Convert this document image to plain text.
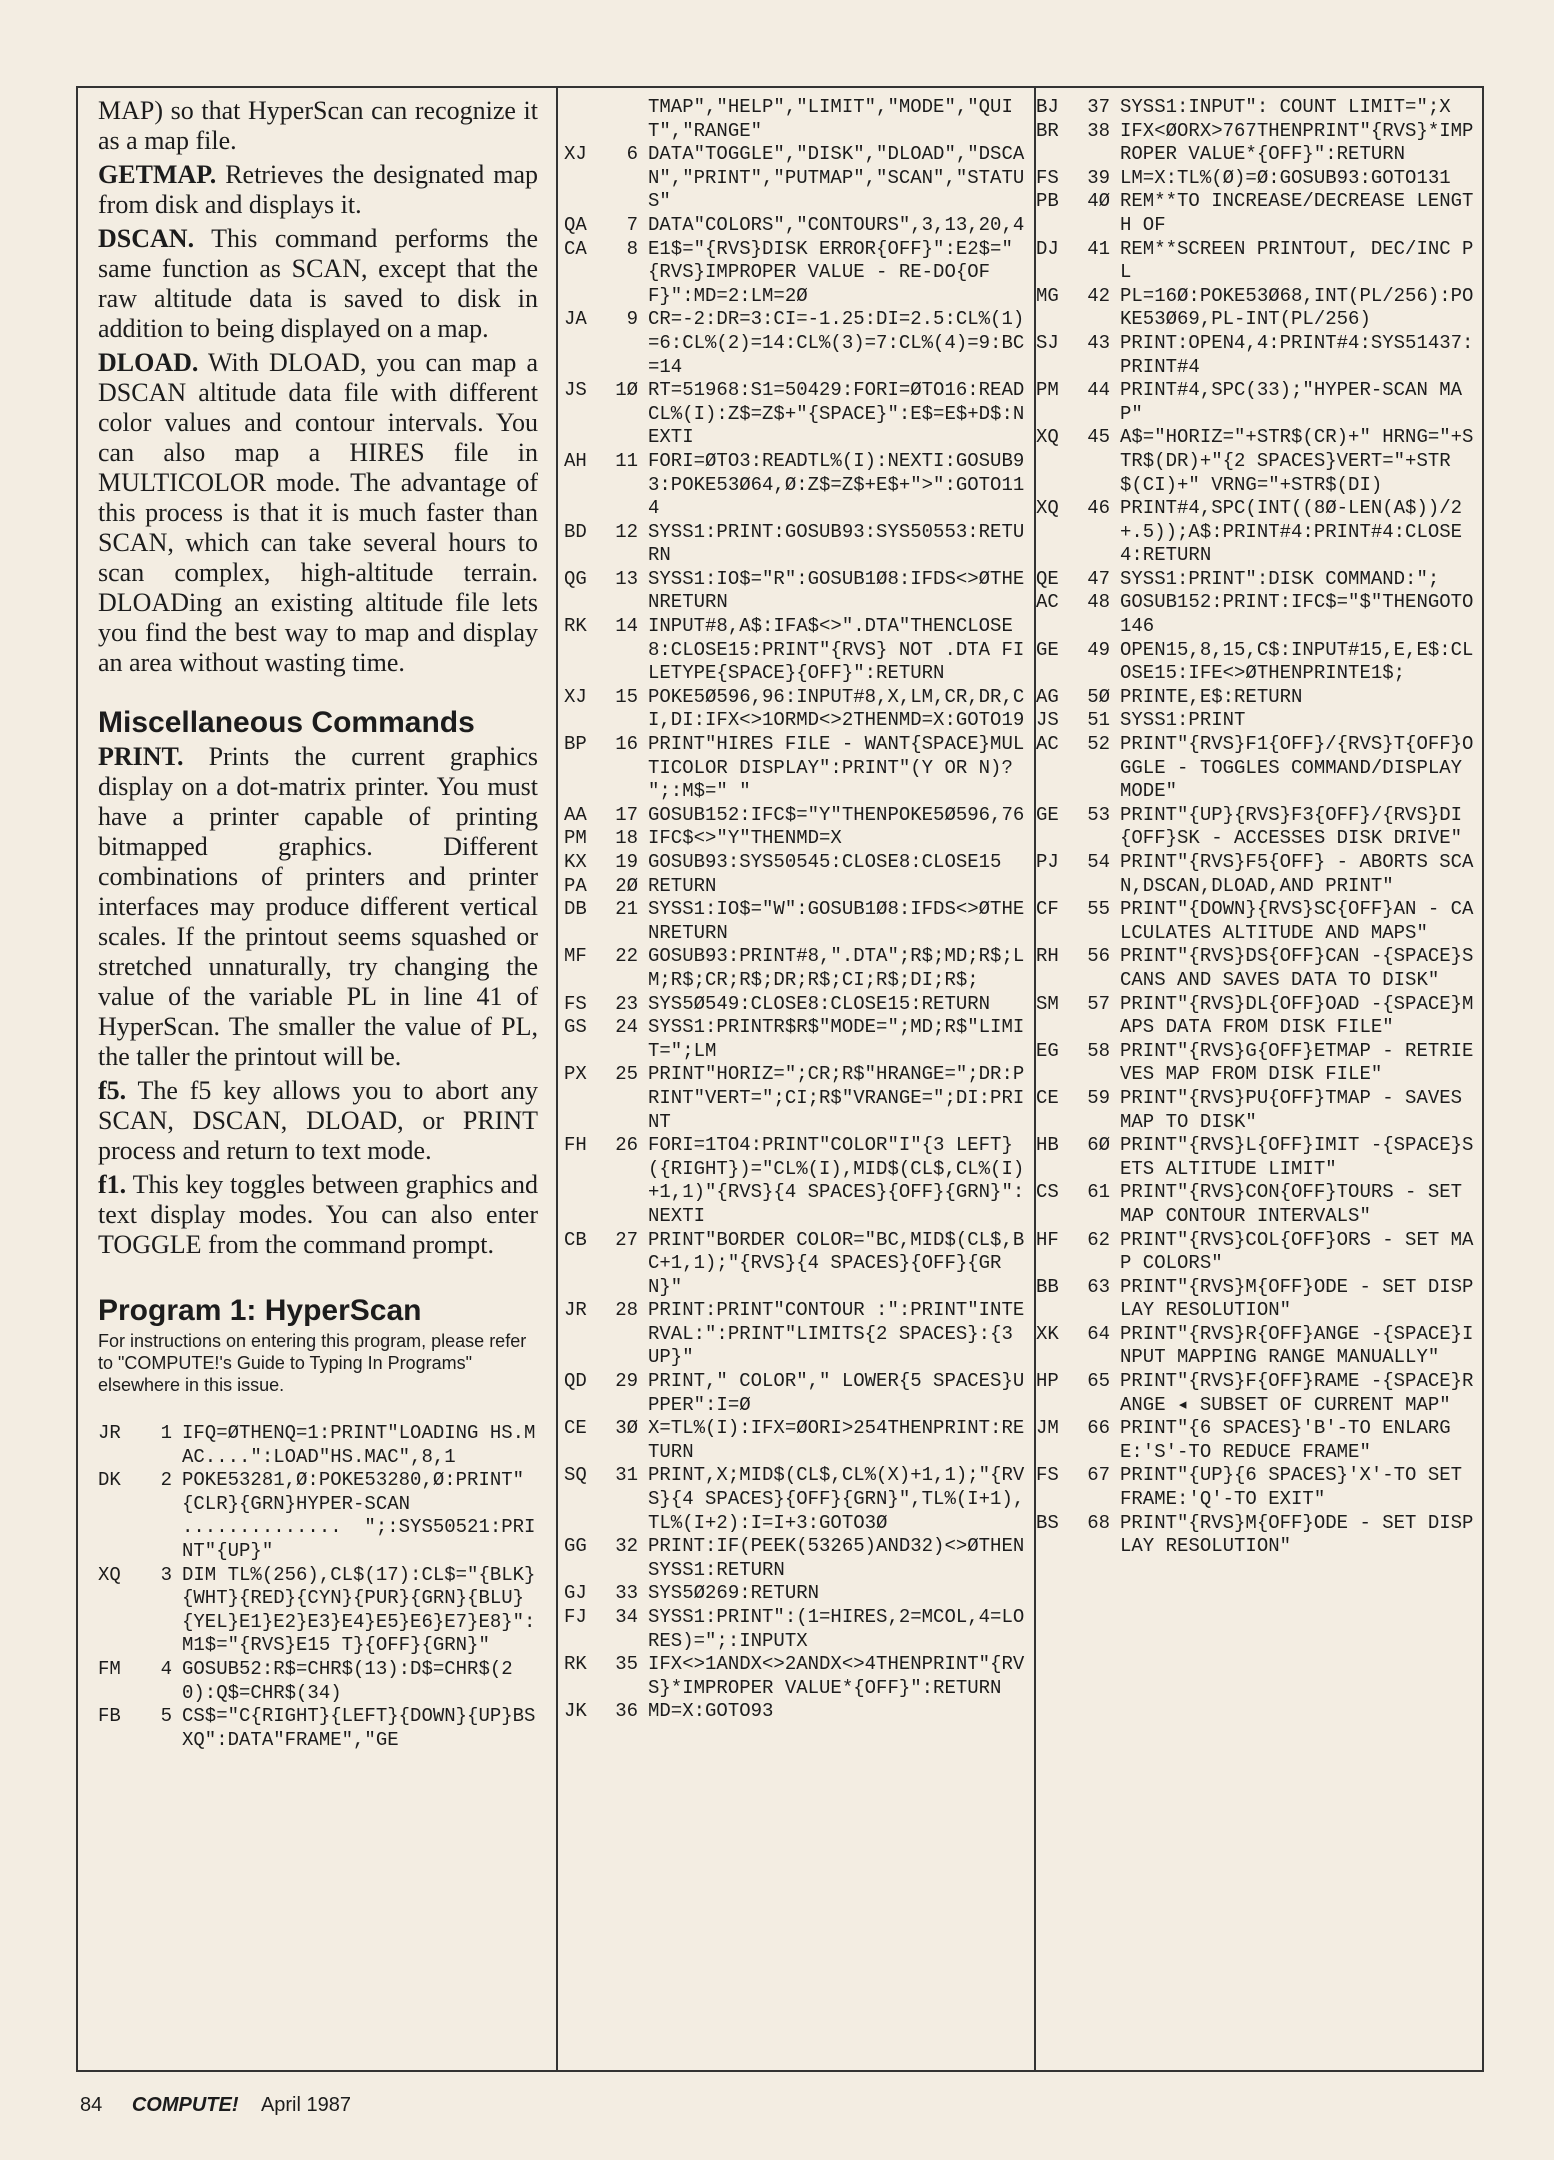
MAP) so that HyperScan can recognize it as a map file.

GETMAP. Retrieves the designated map from disk and displays it.

DSCAN. This command performs the same function as SCAN, except that the raw altitude data is saved to disk in addition to being displayed on a map.

DLOAD. With DLOAD, you can map a DSCAN altitude data file with different color values and contour intervals. You can also map a HIRES file in MULTICOLOR mode. The advantage of this process is that it is much faster than SCAN, which can take several hours to scan complex, high-altitude terrain. DLOADing an existing altitude file lets you find the best way to map and display an area without wasting time.

Miscellaneous Commands

PRINT. Prints the current graphics display on a dot-matrix printer. You must have a printer capable of printing bitmapped graphics. Different combinations of printers and printer interfaces may produce different vertical scales. If the printout seems squashed or stretched unnaturally, try changing the value of the variable PL in line 41 of HyperScan. The smaller the value of PL, the taller the printout will be.

f5. The f5 key allows you to abort any SCAN, DSCAN, DLOAD, or PRINT process and return to text mode.

f1. This key toggles between graphics and text display modes. You can also enter TOGGLE from the command prompt.

Program 1: HyperScan
For instructions on entering this program, please refer to "COMPUTE!'s Guide to Typing In Programs" elsewhere in this issue.
JR	1 IFQ=ØTHENQ=1:PRINT"LOADING HS.MAC....":LOAD"HS.MAC",8,1
DK	2 POKE53281,Ø:POKE53280,Ø:PRINT"{CLR}{GRN}HYPER-SCAN ..............  ";:SYS50521:PRINT"{UP}"
XQ	3 DIM TL%(256),CL$(17):CL$="{BLK}{WHT}{RED}{CYN}{PUR}{GRN}{BLU}{YEL}E1}E2}E3}E4}E5}E6}E7}E8}":M1$="{RVS}E15 T}{OFF}{GRN}"
FM	4 GOSUB52:R$=CHR$(13):D$=CHR$(20):Q$=CHR$(34)
FB	5 CS$="C{RIGHT}{LEFT}{DOWN}{UP}BSXQ":DATA"FRAME","GE
TMAP","HELP","LIMIT","MODE","QUIT","RANGE"
XJ	6 DATA"TOGGLE","DISK","DLOAD","DSCAN","PRINT","PUTMAP","SCAN","STATUS"
QA	7 DATA"COLORS","CONTOURS",3,13,20,4
CA	8 E1$="{RVS}DISK ERROR{OFF}":E2$="{RVS}IMPROPER VALUE - RE-DO{OFF}":MD=2:LM=2Ø
JA	9 CR=-2:DR=3:CI=-1.25:DI=2.5:CL%(1)=6:CL%(2)=14:CL%(3)=7:CL%(4)=9:BC=14
JS	1Ø RT=51968:S1=50429:FORI=ØTO16:READCL%(I):Z$=Z$+"{SPACE}":E$=E$+D$:NEXTI
AH	11 FORI=ØTO3:READTL%(I):NEXTI:GOSUB93:POKE53Ø64,Ø:Z$=Z$+E$+">":GOTO114
BD	12 SYSS1:PRINT:GOSUB93:SYS50553:RETURN
QG	13 SYSS1:IO$="R":GOSUB1Ø8:IFDS<>ØTHENRETURN
RK	14 INPUT#8,A$:IFA$<>".DTA"THENCLOSE8:CLOSE15:PRINT"{RVS} NOT .DTA FILETYPE{SPACE}{OFF}":RETURN
XJ	15 POKE5Ø596,96:INPUT#8,X,LM,CR,DR,CI,DI:IFX<>1ORMD<>2THENMD=X:GOTO19
BP	16 PRINT"HIRES FILE - WANT{SPACE}MULTICOLOR DISPLAY":PRINT"(Y OR N)? ";:M$=" "
AA	17 GOSUB152:IFC$="Y"THENPOKE5Ø596,76
PM	18 IFC$<>"Y"THENMD=X
KX	19 GOSUB93:SYS50545:CLOSE8:CLOSE15
PA	2Ø RETURN
DB	21 SYSS1:IO$="W":GOSUB1Ø8:IFDS<>ØTHENRETURN
MF	22 GOSUB93:PRINT#8,".DTA";R$;MD;R$;LM;R$;CR;R$;DR;R$;CI;R$;DI;R$;
FS	23 SYS5Ø549:CLOSE8:CLOSE15:RETURN
GS	24 SYSS1:PRINTR$R$"MODE=";MD;R$"LIMIT=";LM
PX	25 PRINT"HORIZ=";CR;R$"HRANGE=";DR:PRINT"VERT=";CI;R$"VRANGE=";DI:PRINT
FH	26 FORI=1TO4:PRINT"COLOR"I"{3 LEFT}({RIGHT})="CL%(I),MID$(CL$,CL%(I)+1,1)"{RVS}{4 SPACES}{OFF}{GRN}":NEXTI
CB	27 PRINT"BORDER COLOR="BC,MID$(CL$,BC+1,1);"{RVS}{4 SPACES}{OFF}{GRN}"
JR	28 PRINT:PRINT"CONTOUR :":PRINT"INTERVAL:":PRINT"LIMITS{2 SPACES}:{3 UP}"
QD	29 PRINT," COLOR"," LOWER{5 SPACES}UPPER":I=Ø
CE	3Ø X=TL%(I):IFX=ØORI>254THENPRINT:RETURN
SQ	31 PRINT,X;MID$(CL$,CL%(X)+1,1);"{RVS}{4 SPACES}{OFF}{GRN}",TL%(I+1),TL%(I+2):I=I+3:GOTO3Ø
GG	32 PRINT:IF(PEEK(53265)AND32)<>ØTHENSYSS1:RETURN
GJ	33 SYS5Ø269:RETURN
FJ	34 SYSS1:PRINT":(1=HIRES,2=MCOL,4=LORES)=";:INPUTX
RK	35 IFX<>1ANDX<>2ANDX<>4THENPRINT"{RVS}*IMPROPER VALUE*{OFF}":RETURN
JK	36 MD=X:GOTO93
BJ	37 SYSS1:INPUT": COUNT LIMIT=";X
BR	38 IFX<ØORX>767THENPRINT"{RVS}*IMPROPER VALUE*{OFF}":RETURN
FS	39 LM=X:TL%(Ø)=Ø:GOSUB93:GOTO131
PB	4Ø REM**TO INCREASE/DECREASE LENGTH OF
DJ	41 REM**SCREEN PRINTOUT, DEC/INC PL
MG	42 PL=16Ø:POKE53Ø68,INT(PL/256):POKE53Ø69,PL-INT(PL/256)
SJ	43 PRINT:OPEN4,4:PRINT#4:SYS51437:PRINT#4
PM	44 PRINT#4,SPC(33);"HYPER-SCAN MAP"
XQ	45 A$="HORIZ="+STR$(CR)+" HRNG="+STR$(DR)+"{2 SPACES}VERT="+STR$(CI)+" VRNG="+STR$(DI)
XQ	46 PRINT#4,SPC(INT((8Ø-LEN(A$))/2+.5));A$:PRINT#4:PRINT#4:CLOSE4:RETURN
QE	47 SYSS1:PRINT":DISK COMMAND:";
AC	48 GOSUB152:PRINT:IFC$="$"THENGOTO146
GE	49 OPEN15,8,15,C$:INPUT#15,E,E$:CLOSE15:IFE<>ØTHENPRINTE1$;
AG	5Ø PRINTE,E$:RETURN
JS	51 SYSS1:PRINT
AC	52 PRINT"{RVS}F1{OFF}/{RVS}T{OFF}OGGLE - TOGGLES COMMAND/DISPLAY MODE"
GE	53 PRINT"{UP}{RVS}F3{OFF}/{RVS}DI{OFF}SK - ACCESSES DISK DRIVE"
PJ	54 PRINT"{RVS}F5{OFF} - ABORTS SCAN,DSCAN,DLOAD,AND PRINT"
CF	55 PRINT"{DOWN}{RVS}SC{OFF}AN - CALCULATES ALTITUDE AND MAPS"
RH	56 PRINT"{RVS}DS{OFF}CAN -{SPACE}SCANS AND SAVES DATA TO DISK"
SM	57 PRINT"{RVS}DL{OFF}OAD -{SPACE}MAPS DATA FROM DISK FILE"
EG	58 PRINT"{RVS}G{OFF}ETMAP - RETRIEVES MAP FROM DISK FILE"
CE	59 PRINT"{RVS}PU{OFF}TMAP - SAVES MAP TO DISK"
HB	6Ø PRINT"{RVS}L{OFF}IMIT -{SPACE}SETS ALTITUDE LIMIT"
CS	61 PRINT"{RVS}CON{OFF}TOURS - SET MAP CONTOUR INTERVALS"
HF	62 PRINT"{RVS}COL{OFF}ORS - SET MAP COLORS"
BB	63 PRINT"{RVS}M{OFF}ODE - SET DISPLAY RESOLUTION"
XK	64 PRINT"{RVS}R{OFF}ANGE -{SPACE}INPUT MAPPING RANGE MANUALLY"
HP	65 PRINT"{RVS}F{OFF}RAME -{SPACE}RANGE ◂ SUBSET OF CURRENT MAP"
JM	66 PRINT"{6 SPACES}'B'-TO ENLARGE:'S'-TO REDUCE FRAME"
FS	67 PRINT"{UP}{6 SPACES}'X'-TO SET FRAME:'Q'-TO EXIT"
BS	68 PRINT"{RVS}M{OFF}ODE - SET DISPLAY RESOLUTION"
84 COMPUTE! April 1987
